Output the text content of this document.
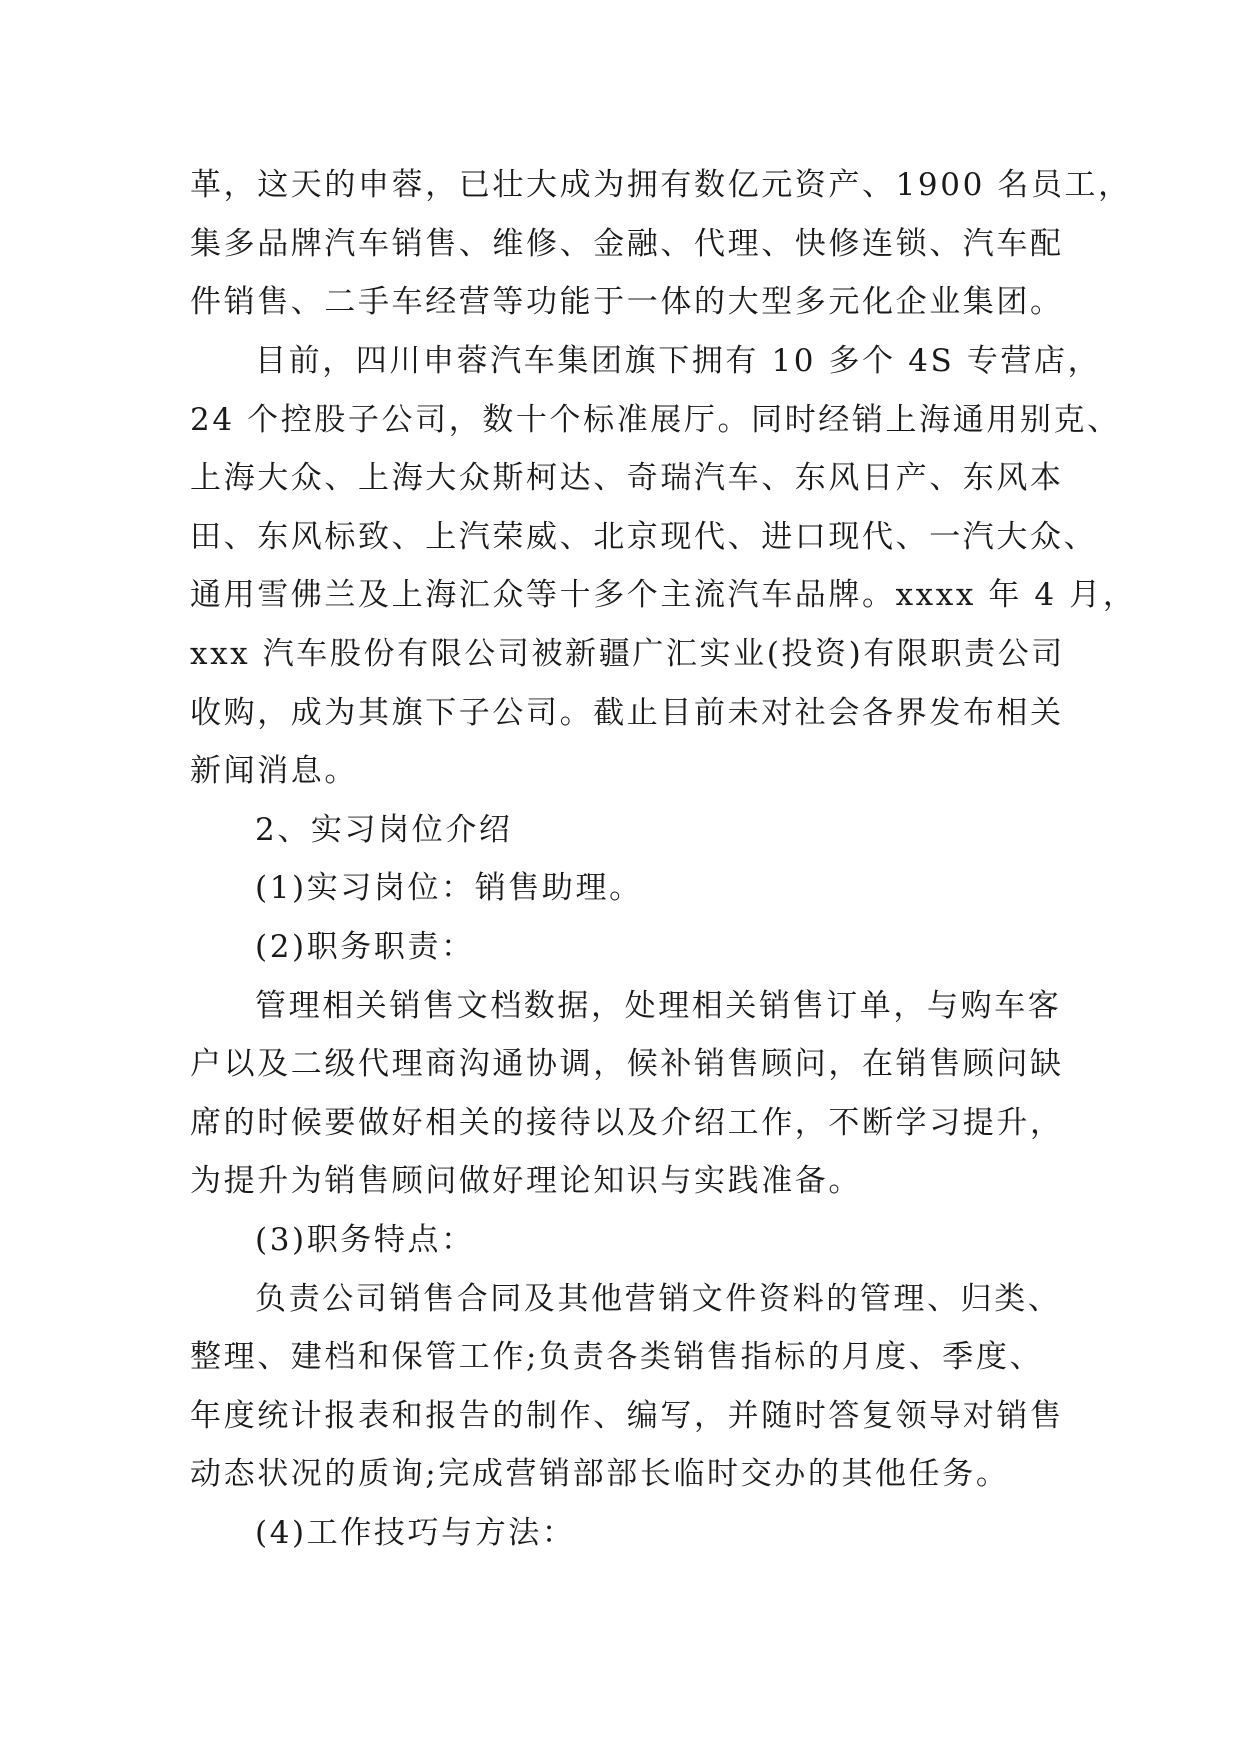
革，这天的申蓉，已壮大成为拥有数亿元资产、1900 名员工，
集多品牌汽车销售、维修、金融、代理、快修连锁、汽车配
件销售、二手车经营等功能于一体的大型多元化企业集团。
目前，四川申蓉汽车集团旗下拥有 10 多个 4S 专营店，
24 个控股子公司，数十个标准展厅。同时经销上海通用别克、
上海大众、上海大众斯柯达、奇瑞汽车、东风日产、东风本
田、东风标致、上汽荣威、北京现代、进口现代、一汽大众、
通用雪佛兰及上海汇众等十多个主流汽车品牌。xxxx 年 4 月，
xxx 汽车股份有限公司被新疆广汇实业(投资)有限职责公司
收购，成为其旗下子公司。截止目前未对社会各界发布相关
新闻消息。
2、实习岗位介绍
(1)实习岗位：销售助理。
(2)职务职责：
管理相关销售文档数据，处理相关销售订单，与购车客
户以及二级代理商沟通协调，候补销售顾问，在销售顾问缺
席的时候要做好相关的接待以及介绍工作，不断学习提升，
为提升为销售顾问做好理论知识与实践准备。
(3)职务特点：
负责公司销售合同及其他营销文件资料的管理、归类、
整理、建档和保管工作;负责各类销售指标的月度、季度、
年度统计报表和报告的制作、编写，并随时答复领导对销售
动态状况的质询;完成营销部部长临时交办的其他任务。
(4)工作技巧与方法：
